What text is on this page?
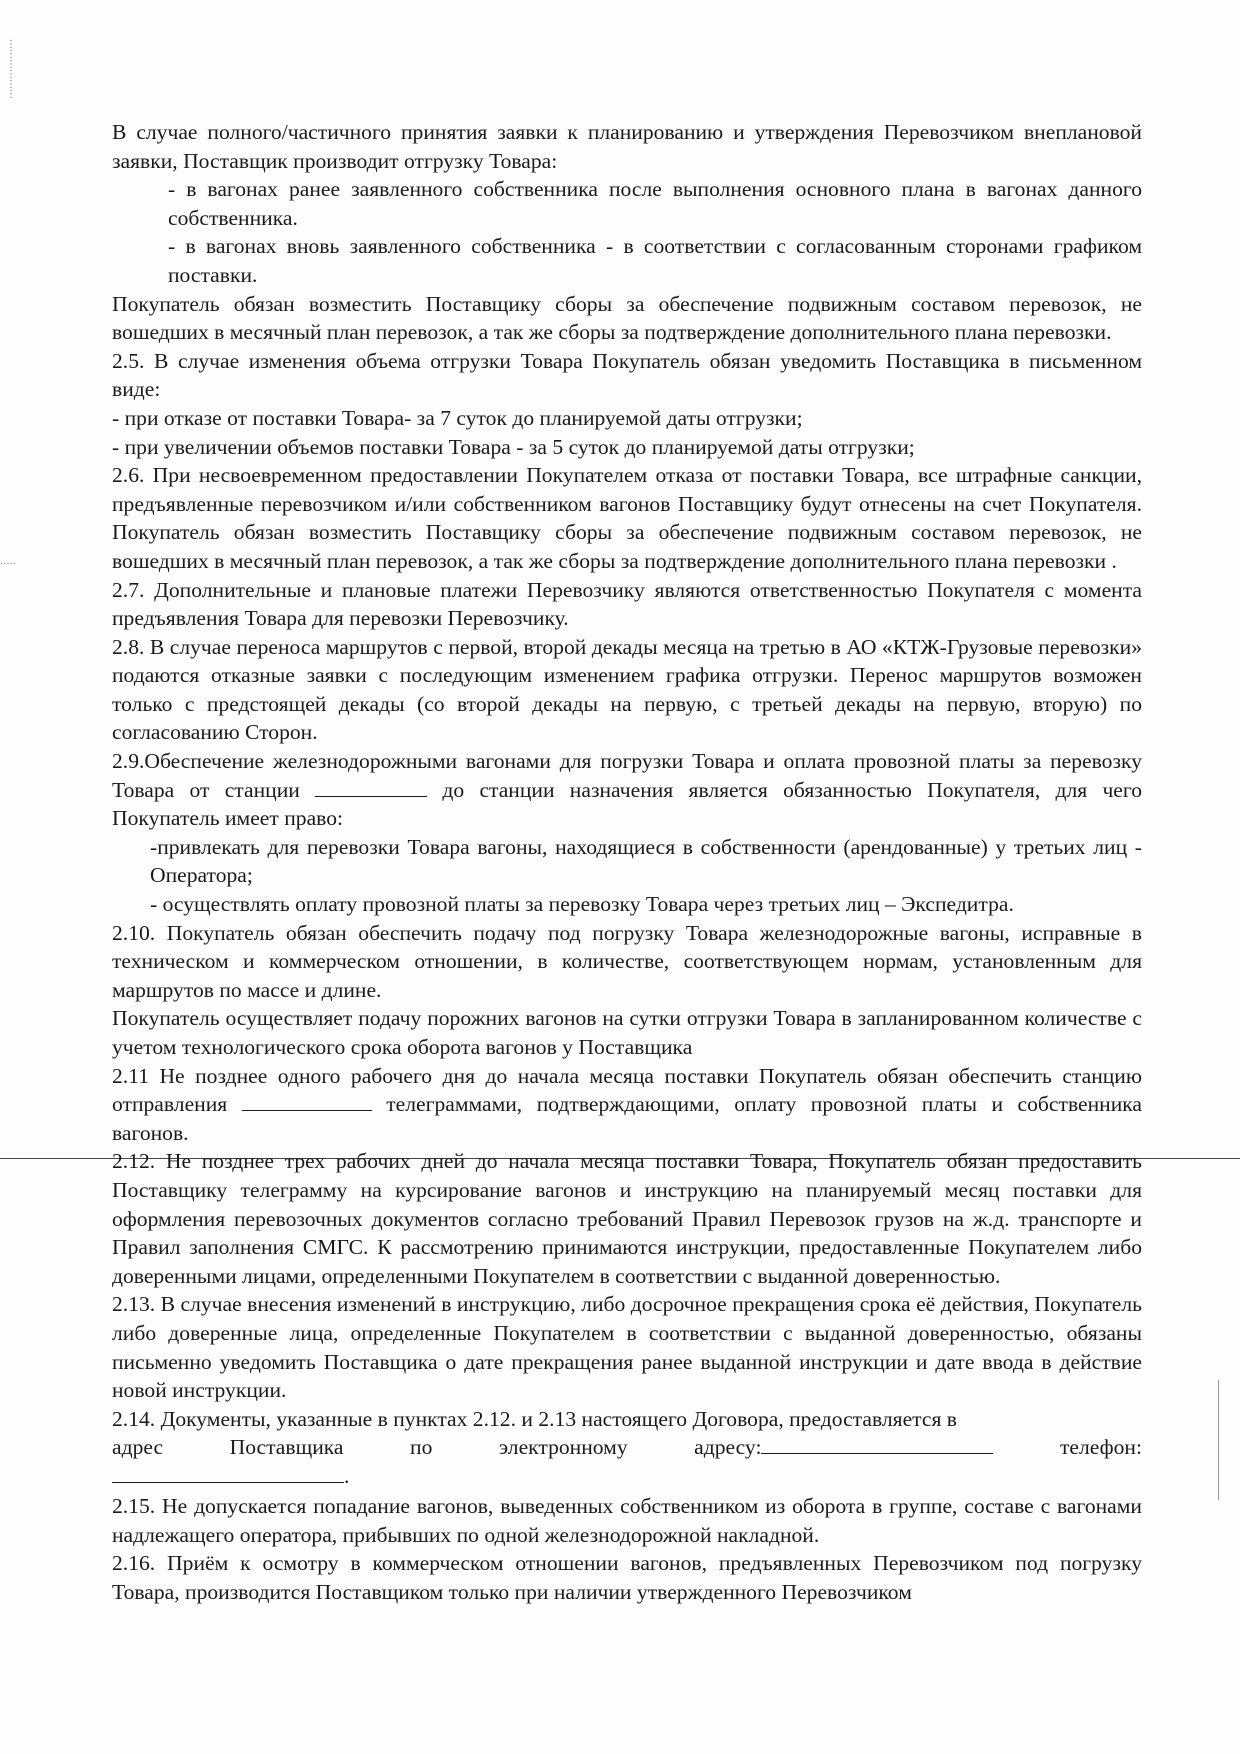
⋮
⋮
⋮
⋮
⋮
⋮
·····

В случае полного/частичного принятия заявки к планированию и утверждения Перевозчиком внеплановой заявки, Поставщик производит отгрузку Товара:

- в вагонах ранее заявленного собственника после выполнения основного плана в вагонах данного собственника.

- в вагонах вновь заявленного собственника - в соответствии с согласованным сторонами графиком поставки.

Покупатель обязан возместить Поставщику сборы за обеспечение подвижным составом перевозок, не вошедших в месячный план перевозок, а так же сборы за подтверждение дополнительного плана перевозки.

2.5. В случае изменения объема отгрузки Товара Покупатель обязан уведомить Поставщика в письменном виде:

- при отказе от поставки Товара- за 7 суток до планируемой даты отгрузки;

- при увеличении объемов поставки Товара - за 5 суток до планируемой даты отгрузки;

2.6. При несвоевременном предоставлении Покупателем отказа от поставки Товара, все штрафные санкции, предъявленные перевозчиком и/или собственником вагонов Поставщику будут отнесены на счет Покупателя. Покупатель обязан возместить Поставщику сборы за обеспечение подвижным составом перевозок, не вошедших в месячный план перевозок, а так же сборы за подтверждение дополнительного плана перевозки .

2.7. Дополнительные и плановые платежи Перевозчику являются ответственностью Покупателя с момента предъявления Товара для перевозки Перевозчику.

2.8. В случае переноса маршрутов с первой, второй декады месяца на третью в АО «КТЖ-Грузовые перевозки» подаются отказные заявки с последующим изменением графика отгрузки. Перенос маршрутов возможен только с предстоящей декады (со второй декады на первую, с третьей декады на первую, вторую) по согласованию Сторон.

2.9.Обеспечение железнодорожными вагонами для погрузки Товара и оплата провозной платы за перевозку Товара от станции	до станции назначения является обязанностью Покупателя, для чего Покупатель имеет право:

-привлекать для перевозки Товара вагоны, находящиеся в собственности (арендованные) у третьих лиц - Оператора;

- осуществлять оплату провозной платы за перевозку Товара через третьих лиц – Экспедитра.

2.10. Покупатель обязан обеспечить подачу под погрузку Товара железнодорожные вагоны, исправные в техническом и коммерческом отношении, в количестве, соответствующем нормам, установленным для маршрутов по массе и длине.

Покупатель осуществляет подачу порожних вагонов на сутки отгрузки Товара в запланированном количестве с учетом технологического срока оборота вагонов у Поставщика

2.11 Не позднее одного рабочего дня до начала месяца поставки Покупатель обязан обеспечить станцию отправления	телеграммами, подтверждающими, оплату провозной платы и собственника вагонов.

2.12. Не позднее трех рабочих дней до начала месяца поставки Товара, Покупатель обязан предоставить Поставщику телеграмму на курсирование вагонов и инструкцию на планируемый месяц поставки для оформления перевозочных документов согласно требований Правил Перевозок грузов на ж.д. транспорте и Правил заполнения СМГС. К рассмотрению принимаются инструкции, предоставленные Покупателем либо доверенными лицами, определенными Покупателем в соответствии с выданной доверенностью.

2.13. В случае внесения изменений в инструкцию, либо досрочное прекращения срока её действия, Покупатель либо доверенные лица, определенные Покупателем в соответствии с выданной доверенностью, обязаны письменно уведомить Поставщика о дате прекращения ранее выданной инструкции и дате ввода в действие новой инструкции.

2.14. Документы, указанные в пунктах 2.12. и 2.13 настоящего Договора, предоставляется в

адрес	Поставщика	по	электронному	адресу:	телефон:

.

2.15. Не допускается попадание вагонов, выведенных собственником из оборота в группе, составе с вагонами надлежащего оператора, прибывших по одной железнодорожной накладной.

2.16. Приём к осмотру в коммерческом отношении вагонов, предъявленных Перевозчиком под погрузку Товара, производится Поставщиком только при наличии утвержденного Перевозчиком
